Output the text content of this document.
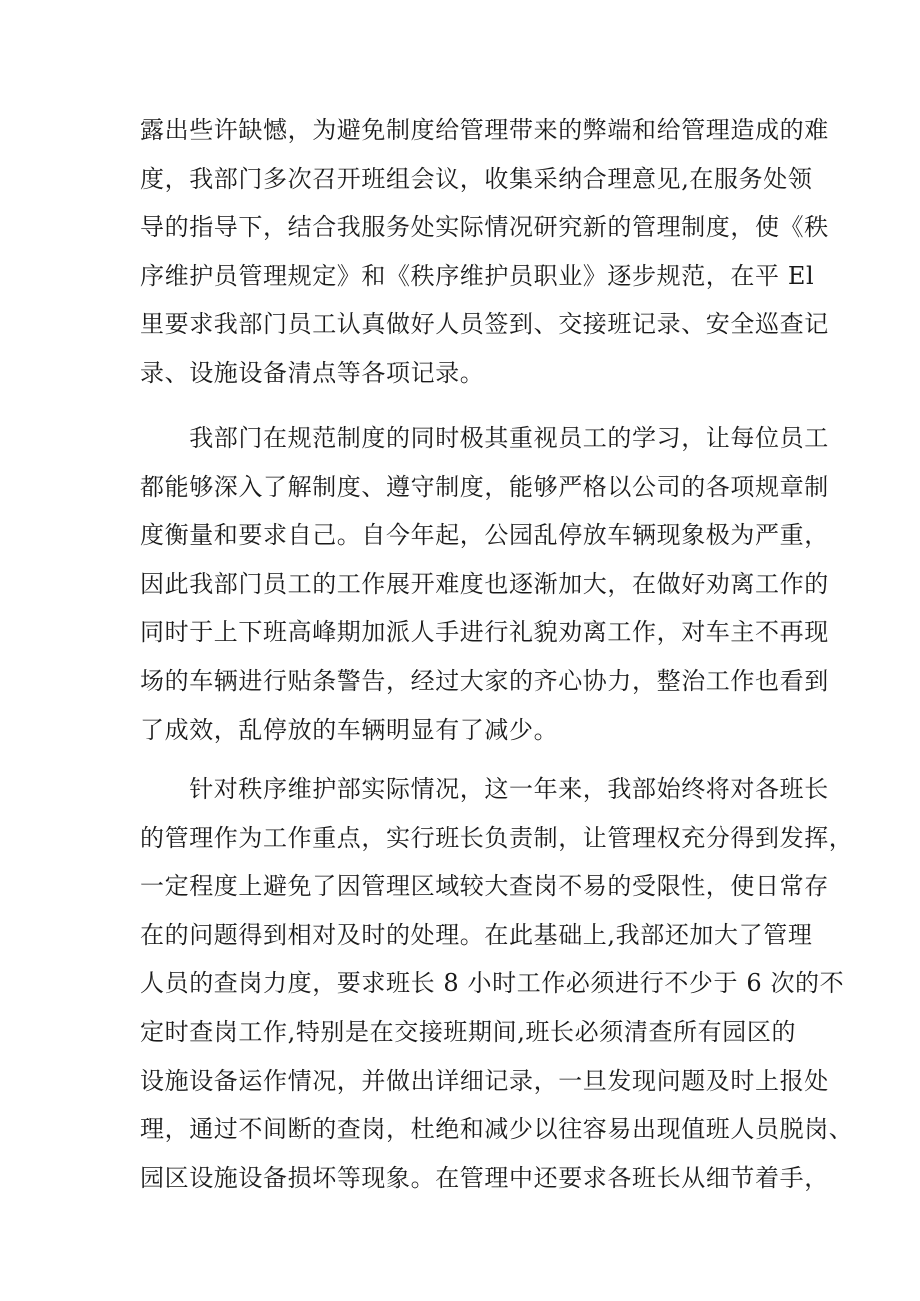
露出些许缺憾，为避免制度给管理带来的弊端和给管理造成的难
度，我部门多次召开班组会议，收集采纳合理意见,在服务处领
导的指导下，结合我服务处实际情况研究新的管理制度，使《秩
序维护员管理规定》和《秩序维护员职业》逐步规范，在平 El
里要求我部门员工认真做好人员签到、交接班记录、安全巡查记
录、设施设备清点等各项记录。
　　我部门在规范制度的同时极其重视员工的学习，让每位员工
都能够深入了解制度、遵守制度，能够严格以公司的各项规章制
度衡量和要求自己。自今年起，公园乱停放车辆现象极为严重，
因此我部门员工的工作展开难度也逐渐加大，在做好劝离工作的
同时于上下班高峰期加派人手进行礼貌劝离工作，对车主不再现
场的车辆进行贴条警告，经过大家的齐心协力，整治工作也看到
了成效，乱停放的车辆明显有了减少。
　　针对秩序维护部实际情况，这一年来，我部始终将对各班长
的管理作为工作重点，实行班长负责制，让管理权充分得到发挥，
一定程度上避免了因管理区域较大查岗不易的受限性，使日常存
在的问题得到相对及时的处理。在此基础上,我部还加大了管理
人员的查岗力度，要求班长 8 小时工作必须进行不少于 6 次的不
定时查岗工作,特别是在交接班期间,班长必须清查所有园区的
设施设备运作情况，并做出详细记录，一旦发现问题及时上报处
理，通过不间断的查岗，杜绝和减少以往容易出现值班人员脱岗、
园区设施设备损坏等现象。在管理中还要求各班长从细节着手，
